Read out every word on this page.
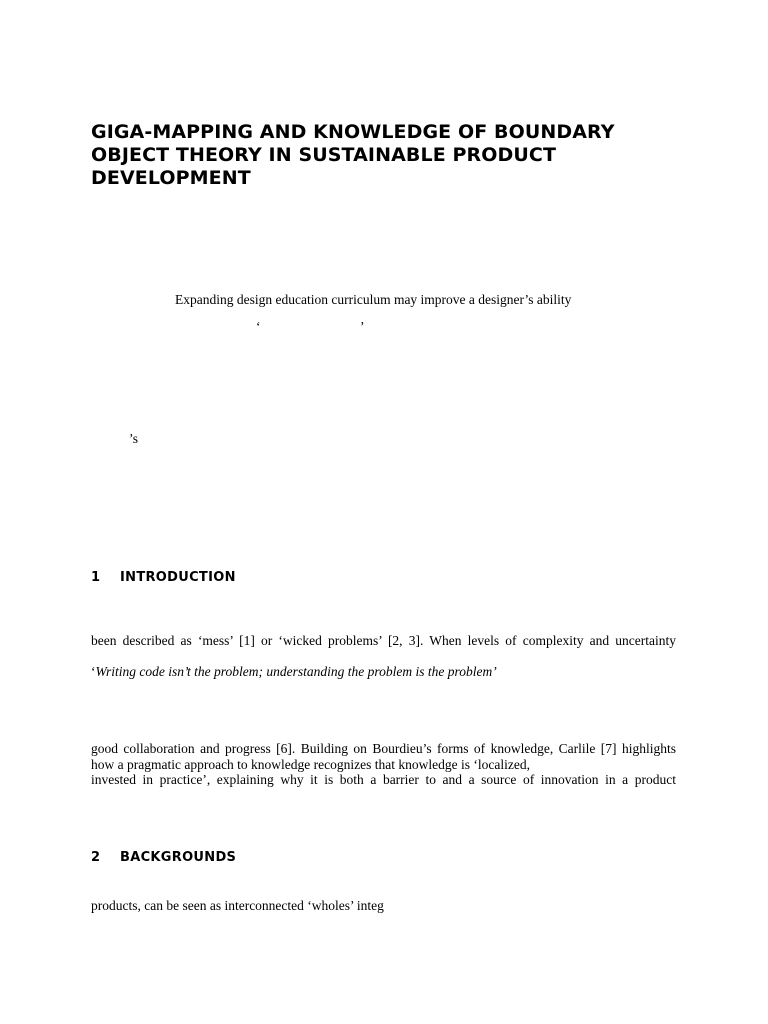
GIGA-MAPPING AND KNOWLEDGE OF BOUNDARY
OBJECT THEORY IN SUSTAINABLE PRODUCT
DEVELOPMENT

Expanding design education curriculum may improve a designer’s ability

‘	’

’s

1 INTRODUCTION
been described as ‘mess’ [1] or ‘wicked problems’ [2, 3]. When levels of complexity and uncertainty

‘Writing code isn’t the problem; understanding the problem is the problem’

good collaboration and progress [6]. Building on Bourdieu’s forms of knowledge, Carlile [7] highlights
how a pragmatic approach to knowledge recognizes that knowledge is ‘localized,
invested in practice’, explaining why it is both a barrier to and a source of innovation in a product
2 BACKGROUNDS

products, can be seen as interconnected ‘wholes’ integ
